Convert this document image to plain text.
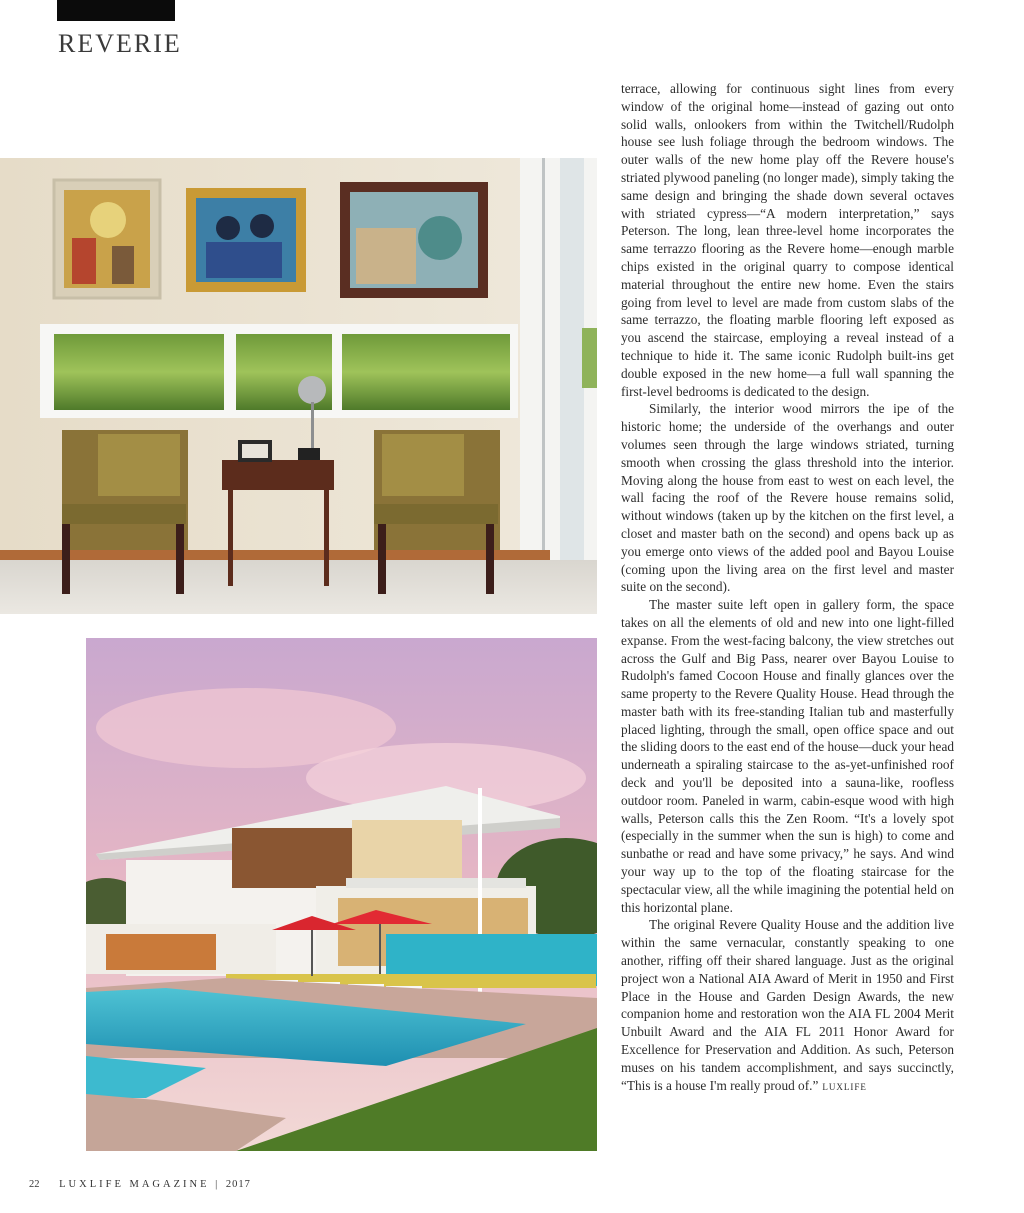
REVERIE

terrace, allowing for continuous sight lines from every window of the original home—instead of gazing out onto solid walls, onlookers from within the Twitchell/Rudolph house see lush foliage through the bedroom windows. The outer walls of the new home play off the Revere house's striated plywood paneling (no longer made), simply taking the same design and bringing the shade down several octaves with striated cypress—“A modern interpretation,” says Peterson. The long, lean three-level home incorporates the same terrazzo flooring as the Revere home—enough marble chips existed in the original quarry to compose identical material throughout the entire new home. Even the stairs going from level to level are made from custom slabs of the same terrazzo, the floating marble flooring left exposed as you ascend the staircase, employing a reveal instead of a technique to hide it. The same iconic Rudolph built-ins get double exposed in the new home—a full wall spanning the first-level bedrooms is dedicated to the design.

Similarly, the interior wood mirrors the ipe of the historic home; the underside of the overhangs and outer volumes seen through the large windows striated, turning smooth when crossing the glass threshold into the interior. Moving along the house from east to west on each level, the wall facing the roof of the Revere house remains solid, without windows (taken up by the kitchen on the first level, a closet and master bath on the second) and opens back up as you emerge onto views of the added pool and Bayou Louise (coming upon the living area on the first level and master suite on the second).

The master suite left open in gallery form, the space takes on all the elements of old and new into one light-filled expanse. From the west-facing balcony, the view stretches out across the Gulf and Big Pass, nearer over Bayou Louise to Rudolph's famed Cocoon House and finally glances over the same property to the Revere Quality House. Head through the master bath with its free-standing Italian tub and masterfully placed lighting, through the small, open office space and out the sliding doors to the east end of the house—duck your head underneath a spiraling staircase to the as-yet-unfinished roof deck and you'll be deposited into a sauna-like, roofless outdoor room. Paneled in warm, cabin-esque wood with high walls, Peterson calls this the Zen Room. “It's a lovely spot (especially in the summer when the sun is high) to come and sunbathe or read and have some privacy,” he says. And wind your way up to the top of the floating staircase for the spectacular view, all the while imagining the potential held on this horizontal plane.

The original Revere Quality House and the addition live within the same vernacular, constantly speaking to one another, riffing off their shared language. Just as the original project won a National AIA Award of Merit in 1950 and First Place in the House and Garden Design Awards, the new companion home and restoration won the AIA FL 2004 Merit Unbuilt Award and the AIA FL 2011 Honor Award for Excellence for Preservation and Addition. As such, Peterson muses on his tandem accomplishment, and says succinctly, “This is a house I'm really proud of.” LUXLIFE

22 LUXLIFE MAGAZINE | 2017
